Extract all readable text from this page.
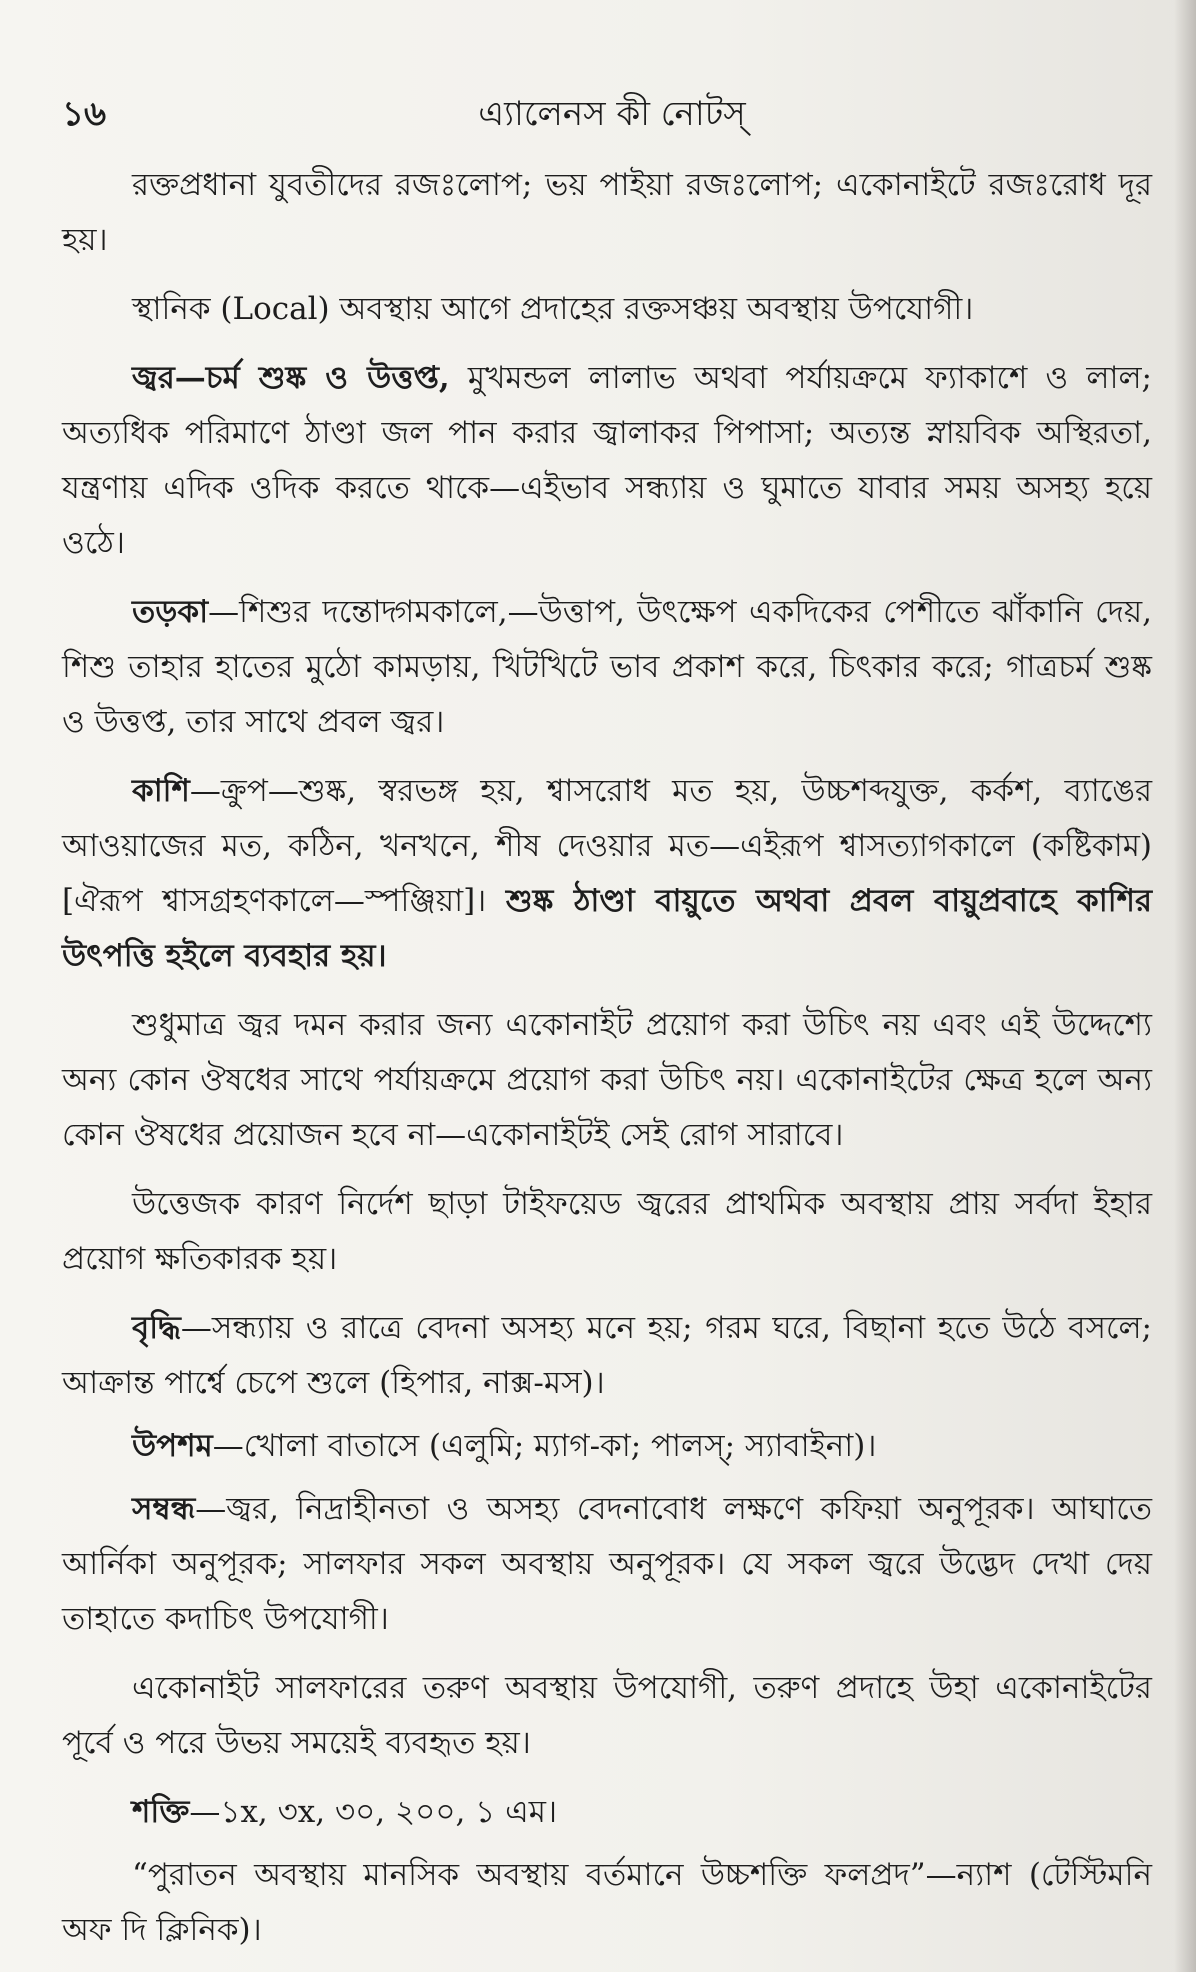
১৬	এ্যালেনস কী নোটস্

রক্তপ্রধানা যুবতীদের রজঃলোপ; ভয় পাইয়া রজঃলোপ; একোনাইটে রজঃরোধ দূর হয়।

স্থানিক (Local) অবস্থায় আগে প্রদাহের রক্তসঞ্চয় অবস্থায় উপযোগী।

জ্বর—চর্ম শুষ্ক ও উত্তপ্ত, মুখমন্ডল লালাভ অথবা পর্যায়ক্রমে ফ্যাকাশে ও লাল; অত্যধিক পরিমাণে ঠাণ্ডা জল পান করার জ্বালাকর পিপাসা; অত্যন্ত স্নায়বিক অস্থিরতা, যন্ত্রণায় এদিক ওদিক করতে থাকে—এইভাব সন্ধ্যায় ও ঘুমাতে যাবার সময় অসহ্য হয়ে ওঠে।

তড়কা—শিশুর দন্তোদ্গমকালে,—উত্তাপ, উৎক্ষেপ একদিকের পেশীতে ঝাঁকানি দেয়, শিশু তাহার হাতের মুঠো কামড়ায়, খিটখিটে ভাব প্রকাশ করে, চিৎকার করে; গাত্রচর্ম শুষ্ক ও উত্তপ্ত, তার সাথে প্রবল জ্বর।

কাশি—ক্রুপ—শুষ্ক, স্বরভঙ্গ হয়, শ্বাসরোধ মত হয়, উচ্চশব্দযুক্ত, কর্কশ, ব্যাঙের আওয়াজের মত, কঠিন, খনখনে, শীষ দেওয়ার মত—এইরূপ শ্বাসত্যাগকালে (কষ্টিকাম) [ঐরূপ শ্বাসগ্রহণকালে—স্পঞ্জিয়া]। শুষ্ক ঠাণ্ডা বায়ুতে অথবা প্রবল বায়ুপ্রবাহে কাশির উৎপত্তি হইলে ব্যবহার হয়।

শুধুমাত্র জ্বর দমন করার জন্য একোনাইট প্রয়োগ করা উচিৎ নয় এবং এই উদ্দেশ্যে অন্য কোন ঔষধের সাথে পর্যায়ক্রমে প্রয়োগ করা উচিৎ নয়। একোনাইটের ক্ষেত্র হলে অন্য কোন ঔষধের প্রয়োজন হবে না—একোনাইটই সেই রোগ সারাবে।

উত্তেজক কারণ নির্দেশ ছাড়া টাইফয়েড জ্বরের প্রাথমিক অবস্থায় প্রায় সর্বদা ইহার প্রয়োগ ক্ষতিকারক হয়।

বৃদ্ধি—সন্ধ্যায় ও রাত্রে বেদনা অসহ্য মনে হয়; গরম ঘরে, বিছানা হতে উঠে বসলে; আক্রান্ত পার্শ্বে চেপে শুলে (হিপার, নাক্স-মস)।

উপশম—খোলা বাতাসে (এলুমি; ম্যাগ-কা; পালস্; স্যাবাইনা)।

সম্বন্ধ—জ্বর, নিদ্রাহীনতা ও অসহ্য বেদনাবোধ লক্ষণে কফিয়া অনুপূরক। আঘাতে আর্নিকা অনুপূরক; সালফার সকল অবস্থায় অনুপূরক। যে সকল জ্বরে উদ্ভেদ দেখা দেয় তাহাতে কদাচিৎ উপযোগী।

একোনাইট সালফারের তরুণ অবস্থায় উপযোগী, তরুণ প্রদাহে উহা একোনাইটের পূর্বে ও পরে উভয় সময়েই ব্যবহৃত হয়।

শক্তি—১x, ৩x, ৩০, ২০০, ১ এম।

“পুরাতন অবস্থায় মানসিক অবস্থায় বর্তমানে উচ্চশক্তি ফলপ্রদ”—ন্যাশ (টেস্টিমনি অফ দি ক্লিনিক)।
